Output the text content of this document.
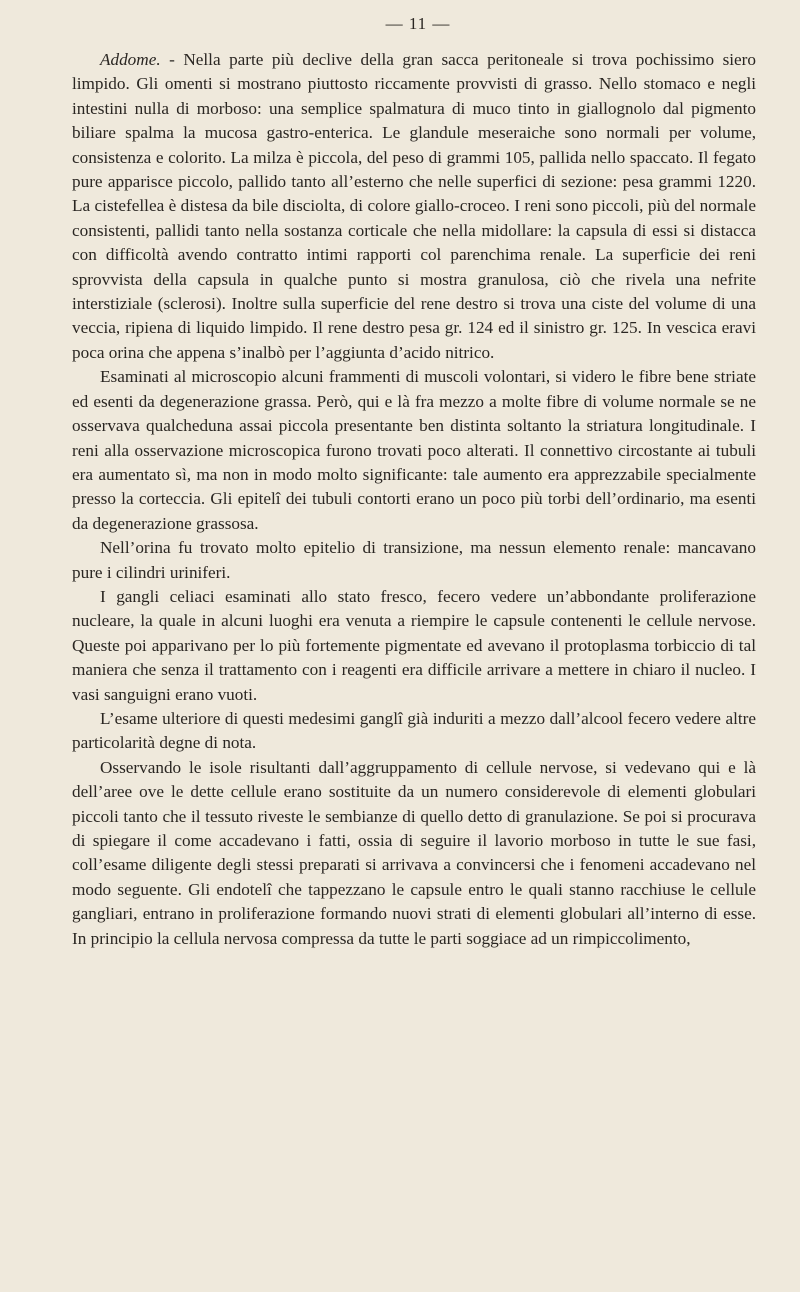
— 11 —

Addome. - Nella parte più declive della gran sacca peritoneale si trova pochissimo siero limpido. Gli omenti si mostrano piuttosto riccamente provvisti di grasso. Nello stomaco e negli intestini nulla di morboso: una semplice spalmatura di muco tinto in giallognolo dal pigmento biliare spalma la mucosa gastro-enterica. Le glandule meseraiche sono normali per volume, consistenza e colorito. La milza è piccola, del peso di grammi 105, pallida nello spaccato. Il fegato pure apparisce piccolo, pallido tanto all’esterno che nelle superfici di sezione: pesa grammi 1220. La cistefellea è distesa da bile disciolta, di colore giallo-croceo. I reni sono piccoli, più del normale consistenti, pallidi tanto nella sostanza corticale che nella midollare: la capsula di essi si distacca con difficoltà avendo contratto intimi rapporti col parenchima renale. La superficie dei reni sprovvista della capsula in qualche punto si mostra granulosa, ciò che rivela una nefrite interstiziale (sclerosi). Inoltre sulla superficie del rene destro si trova una ciste del volume di una veccia, ripiena di liquido limpido. Il rene destro pesa gr. 124 ed il sinistro gr. 125. In vescica eravi poca orina che appena s’inalbò per l’aggiunta d’acido nitrico.

Esaminati al microscopio alcuni frammenti di muscoli volontari, si videro le fibre bene striate ed esenti da degenerazione grassa. Però, qui e là fra mezzo a molte fibre di volume normale se ne osservava qualcheduna assai piccola presentante ben distinta soltanto la striatura longitudinale. I reni alla osservazione microscopica furono trovati poco alterati. Il connettivo circostante ai tubuli era aumentato sì, ma non in modo molto significante: tale aumento era apprezzabile specialmente presso la corteccia. Gli epitelî dei tubuli contorti erano un poco più torbi dell’ordinario, ma esenti da degenerazione grassosa.

Nell’orina fu trovato molto epitelio di transizione, ma nessun elemento renale: mancavano pure i cilindri uriniferi.

I gangli celiaci esaminati allo stato fresco, fecero vedere un’abbondante proliferazione nucleare, la quale in alcuni luoghi era venuta a riempire le capsule contenenti le cellule nervose. Queste poi apparivano per lo più fortemente pigmentate ed avevano il protoplasma torbiccio di tal maniera che senza il trattamento con i reagenti era difficile arrivare a mettere in chiaro il nucleo. I vasi sanguigni erano vuoti.

L’esame ulteriore di questi medesimi ganglî già induriti a mezzo dall’alcool fecero vedere altre particolarità degne di nota.

Osservando le isole risultanti dall’aggruppamento di cellule nervose, si vedevano qui e là dell’aree ove le dette cellule erano sostituite da un numero considerevole di elementi globulari piccoli tanto che il tessuto riveste le sembianze di quello detto di granulazione. Se poi si procurava di spiegare il come accadevano i fatti, ossia di seguire il lavorio morboso in tutte le sue fasi, coll’esame diligente degli stessi preparati si arrivava a convincersi che i fenomeni accadevano nel modo seguente. Gli endotelî che tappezzano le capsule entro le quali stanno racchiuse le cellule gangliari, entrano in proliferazione formando nuovi strati di elementi globulari all’interno di esse. In principio la cellula nervosa compressa da tutte le parti soggiace ad un rimpiccolimento,
